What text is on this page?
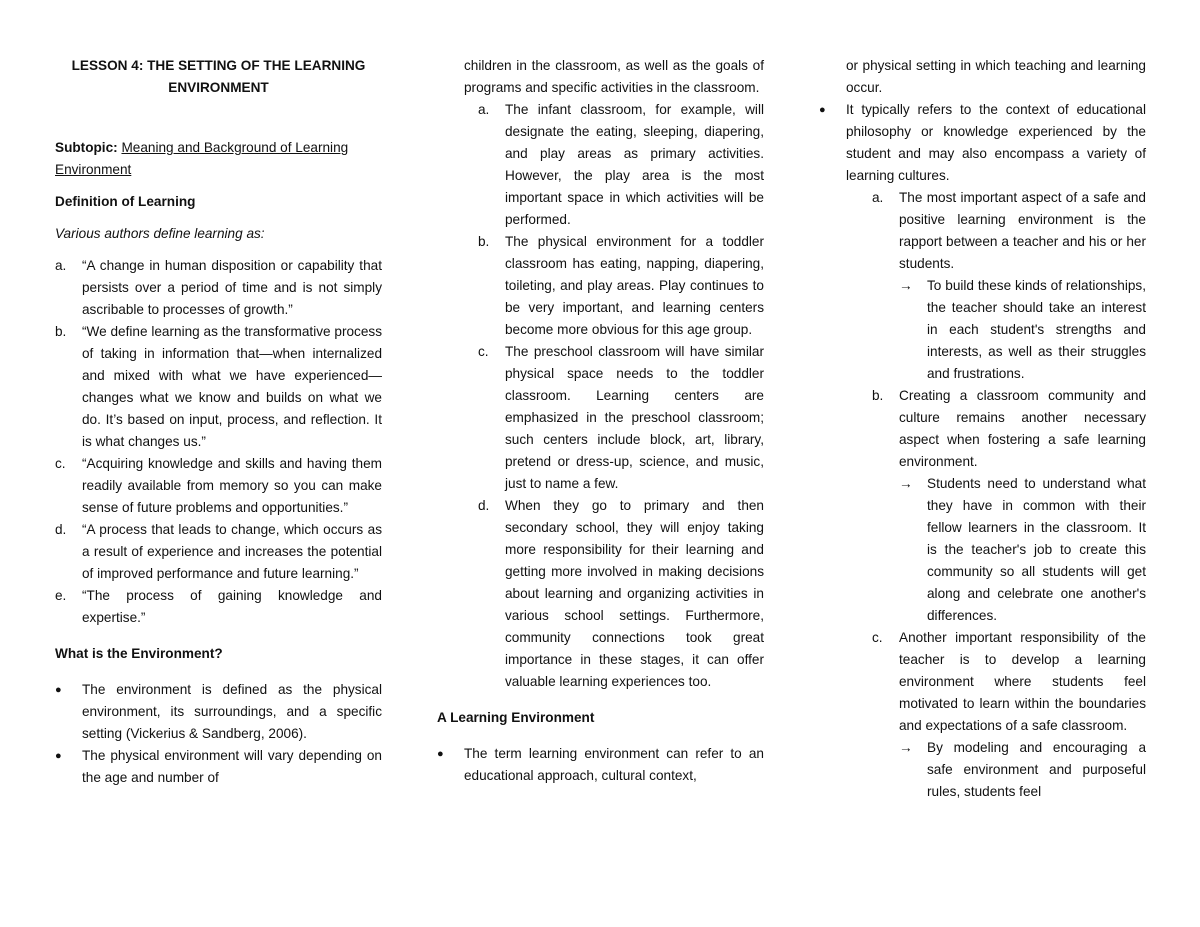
LESSON 4: THE SETTING OF THE LEARNING
ENVIRONMENT

Subtopic: Meaning and Background of Learning Environment

Definition of Learning

Various authors define learning as:

a.	“A change in human disposition or capability that persists over a period of time and is not simply ascribable to processes of growth.”
b.	“We define learning as the transformative process of taking in information that—when internalized and mixed with what we have experienced—changes what we know and builds on what we do. It’s based on input, process, and reflection. It is what changes us.”
c.	“Acquiring knowledge and skills and having them readily available from memory so you can make sense of future problems and opportunities.”
d.	“A process that leads to change, which occurs as a result of experience and increases the potential of improved performance and future learning.”
e.	“The process of gaining knowledge and expertise.”

What is the Environment?

●	The environment is defined as the physical environment, its surroundings, and a specific setting (Vickerius & Sandberg, 2006).
●	The physical environment will vary depending on the age and number of

children in the classroom, as well as the goals of programs and specific activities in the classroom.

a.	The infant classroom, for example, will designate the eating, sleeping, diapering, and play areas as primary activities. However, the play area is the most important space in which activities will be performed.
b.	The physical environment for a toddler classroom has eating, napping, diapering, toileting, and play areas. Play continues to be very important, and learning centers become more obvious for this age group.
c.	The preschool classroom will have similar physical space needs to the toddler classroom. Learning centers are emphasized in the preschool classroom; such centers include block, art, library, pretend or dress-up, science, and music, just to name a few.
d.	When they go to primary and then secondary school, they will enjoy taking more responsibility for their learning and getting more involved in making decisions about learning and organizing activities in various school settings. Furthermore, community connections took great importance in these stages, it can offer valuable learning experiences too.

A Learning Environment

●	The term learning environment can refer to an educational approach, cultural context,

or physical setting in which teaching and learning occur.

●	It typically refers to the context of educational philosophy or knowledge experienced by the student and may also encompass a variety of learning cultures.
a.	The most important aspect of a safe and positive learning environment is the rapport between a teacher and his or her students.
→	To build these kinds of relationships, the teacher should take an interest in each student's strengths and interests, as well as their struggles and frustrations.
b.	Creating a classroom community and culture remains another necessary aspect when fostering a safe learning environment.
→	Students need to understand what they have in common with their fellow learners in the classroom. It is the teacher's job to create this community so all students will get along and celebrate one another's differences.
c.	Another important responsibility of the teacher is to develop a learning environment where students feel motivated to learn within the boundaries and expectations of a safe classroom.
→	By modeling and encouraging a safe environment and purposeful rules, students feel
